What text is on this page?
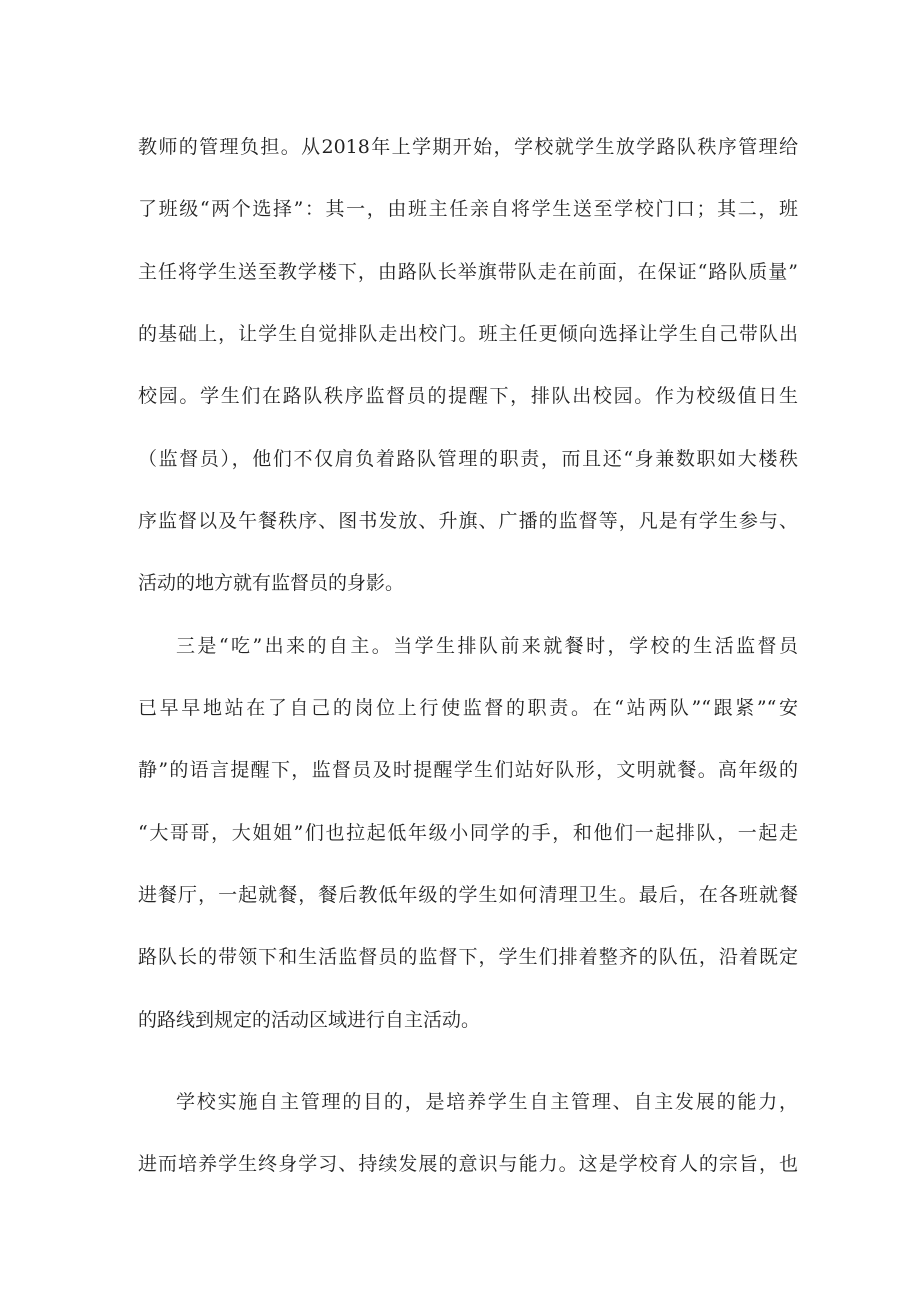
教师的管理负担。从2018年上学期开始，学校就学生放学路队秩序管理给
了班级“两个选择”：其一，由班主任亲自将学生送至学校门口；其二，班
主任将学生送至教学楼下，由路队长举旗带队走在前面，在保证“路队质量”
的基础上，让学生自觉排队走出校门。班主任更倾向选择让学生自己带队出
校园。学生们在路队秩序监督员的提醒下，排队出校园。作为校级值日生
（监督员），他们不仅肩负着路队管理的职责，而且还“身兼数职如大楼秩
序监督以及午餐秩序、图书发放、升旗、广播的监督等，凡是有学生参与、
活动的地方就有监督员的身影。
三是“吃”出来的自主。当学生排队前来就餐时，学校的生活监督员
已早早地站在了自己的岗位上行使监督的职责。在“站两队”“跟紧”“安
静”的语言提醒下，监督员及时提醒学生们站好队形，文明就餐。高年级的
“大哥哥，大姐姐”们也拉起低年级小同学的手，和他们一起排队，一起走
进餐厅，一起就餐，餐后教低年级的学生如何清理卫生。最后，在各班就餐
路队长的带领下和生活监督员的监督下，学生们排着整齐的队伍，沿着既定
的路线到规定的活动区域进行自主活动。
学校实施自主管理的目的，是培养学生自主管理、自主发展的能力，
进而培养学生终身学习、持续发展的意识与能力。这是学校育人的宗旨，也
